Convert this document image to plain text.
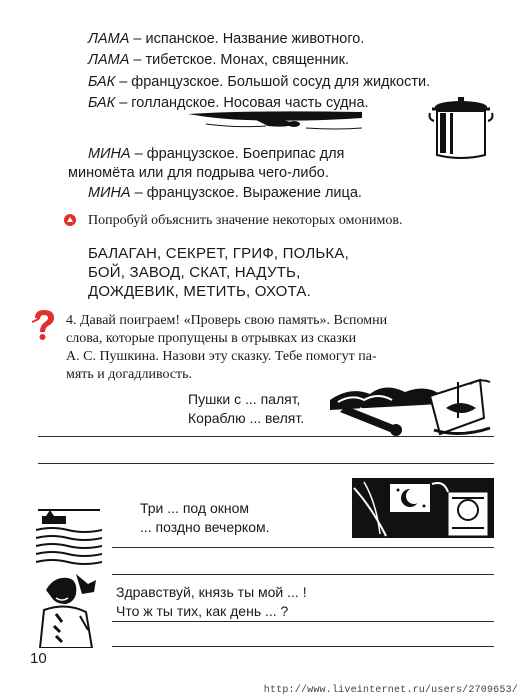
ЛАМА – испанское. Название животного.
ЛАМА – тибетское. Монах, священник.
БАК – французское. Большой сосуд для жидкости.
БАК – голландское. Носовая часть судна.
МИНА – французское. Боеприпас для
минoмёта или для подрыва чего-либо.
МИНА – французское. Выражение лица.
Попробуй объяснить значение некоторых омонимов.
БАЛАГАН, СЕКРЕТ, ГРИФ, ПОЛЬКА,
БОЙ, ЗАВОД, СКАТ, НАДУТЬ,
ДОЖДЕВИК, МЕТИТЬ, ОХОТА.
4. Давай поиграем! «Проверь свою память». Вспомни
слова, которые пропущены в отрывках из сказки
А. С. Пушкина. Назови эту сказку. Тебе помогут па-
мять и догадливость.
Пушки с ... палят,
Кораблю ... велят.
Три ... под окном
... поздно вечерком.
Здравствуй, князь ты мой ... !
Что ж ты тих, как день ... ?
10
http://www.liveinternet.ru/users/2709653/
